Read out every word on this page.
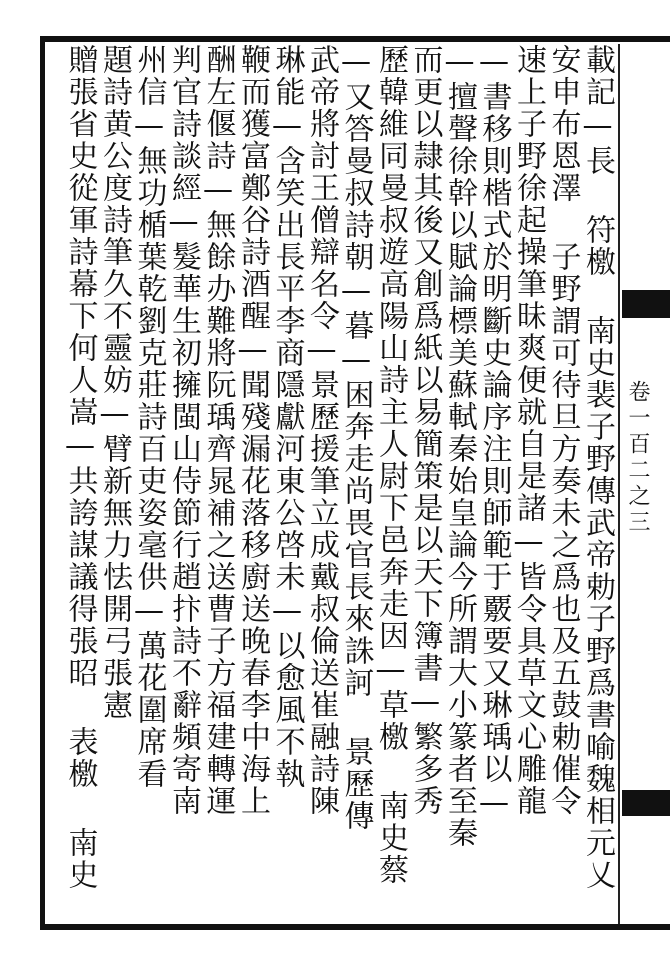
卷一百二之三
載記—長 符檄 南史裴子野傳武帝勅子野爲書喻魏相元乂
安申布恩澤 子野謂可待旦方奏未之爲也及五鼓勅催令
速上子野徐起操筆昧爽便就自是諸—皆令具草文心雕龍
—書移則楷式於明斷史論序注則師範于覈要又琳瑀以—
—擅聲徐幹以賦論標美蘇軾秦始皇論今所謂大小篆者至秦
而更以隷其後又創爲紙以易簡策是以天下簿書—繁多秀
歷韓維同曼叔遊高陽山詩主人尉下邑奔走因—草檄 南史蔡
—又答曼叔詩朝—暮—困奔走尚畏官長來誅訶 景歷傳
武帝將討王僧辯名令—景歷援筆立成戴叔倫送崔融詩陳
琳能—含笑出長平李商隱獻河東公啓未—以愈風不執
鞭而獲富鄭谷詩酒醒—聞殘漏花落移廚送晚春李中海上
酬左偃詩—無餘办難將阮瑀齊晁補之送曹子方福建轉運
判官詩談經—髮華生初擁閩山侍節行趙抃詩不辭頻寄南
州信—無功楯葉乾劉克莊詩百吏姿毫供—萬花圍席看
題詩黄公度詩筆久不靈妨—臂新無力怯開弓張憲
贈張省史從軍詩幕下何人嵩—共誇謀議得張昭 表檄 南史
